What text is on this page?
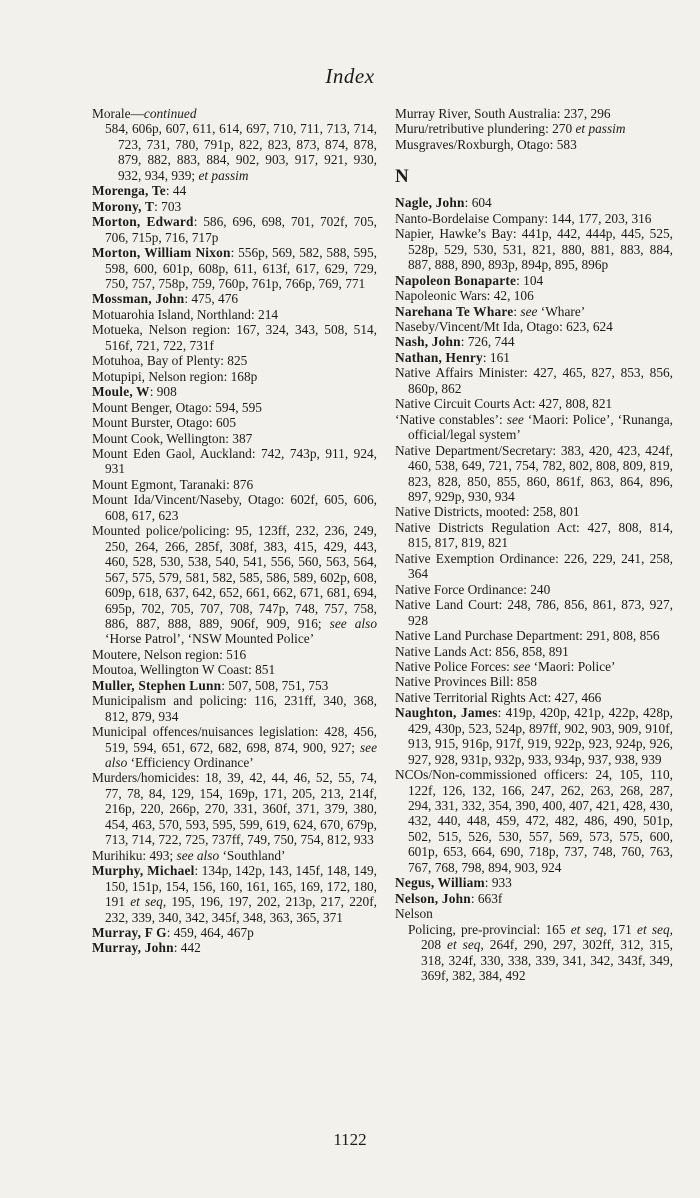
Index
Morale—continued
584, 606p, 607, 611, 614, 697, 710, 711, 713, 714, 723, 731, 780, 791p, 822, 823, 873, 874, 878, 879, 882, 883, 884, 902, 903, 917, 921, 930, 932, 934, 939; et passim
Morenga, Te: 44
Morony, T: 703
Morton, Edward: 586, 696, 698, 701, 702f, 705, 706, 715p, 716, 717p
Morton, William Nixon: 556p, 569, 582, 588, 595, 598, 600, 601p, 608p, 611, 613f, 617, 629, 729, 750, 757, 758p, 759, 760p, 761p, 766p, 769, 771
Mossman, John: 475, 476
Motuarohia Island, Northland: 214
Motueka, Nelson region: 167, 324, 343, 508, 514, 516f, 721, 722, 731f
Motuhoa, Bay of Plenty: 825
Motupipi, Nelson region: 168p
Moule, W: 908
Mount Benger, Otago: 594, 595
Mount Burster, Otago: 605
Mount Cook, Wellington: 387
Mount Eden Gaol, Auckland: 742, 743p, 911, 924, 931
Mount Egmont, Taranaki: 876
Mount Ida/Vincent/Naseby, Otago: 602f, 605, 606, 608, 617, 623
Mounted police/policing: 95, 123ff, 232, 236, 249, 250, 264, 266, 285f, 308f, 383, 415, 429, 443, 460, 528, 530, 538, 540, 541, 556, 560, 563, 564, 567, 575, 579, 581, 582, 585, 586, 589, 602p, 608, 609p, 618, 637, 642, 652, 661, 662, 671, 681, 694, 695p, 702, 705, 707, 708, 747p, 748, 757, 758, 886, 887, 888, 889, 906f, 909, 916; see also ‘Horse Patrol’, ‘NSW Mounted Police’
Moutere, Nelson region: 516
Moutoa, Wellington W Coast: 851
Muller, Stephen Lunn: 507, 508, 751, 753
Municipalism and policing: 116, 231ff, 340, 368, 812, 879, 934
Municipal offences/nuisances legislation: 428, 456, 519, 594, 651, 672, 682, 698, 874, 900, 927; see also ‘Efficiency Ordinance’
Murders/homicides: 18, 39, 42, 44, 46, 52, 55, 74, 77, 78, 84, 129, 154, 169p, 171, 205, 213, 214f, 216p, 220, 266p, 270, 331, 360f, 371, 379, 380, 454, 463, 570, 593, 595, 599, 619, 624, 670, 679p, 713, 714, 722, 725, 737ff, 749, 750, 754, 812, 933
Murihiku: 493; see also ‘Southland’
Murphy, Michael: 134p, 142p, 143, 145f, 148, 149, 150, 151p, 154, 156, 160, 161, 165, 169, 172, 180, 191 et seq, 195, 196, 197, 202, 213p, 217, 220f, 232, 339, 340, 342, 345f, 348, 363, 365, 371
Murray, F G: 459, 464, 467p
Murray, John: 442
Murray River, South Australia: 237, 296
Muru/retributive plundering: 270 et passim
Musgraves/Roxburgh, Otago: 583
N
Nagle, John: 604
Nanto-Bordelaise Company: 144, 177, 203, 316
Napier, Hawke’s Bay: 441p, 442, 444p, 445, 525, 528p, 529, 530, 531, 821, 880, 881, 883, 884, 887, 888, 890, 893p, 894p, 895, 896p
Napoleon Bonaparte: 104
Napoleonic Wars: 42, 106
Narehana Te Whare: see ‘Whare’
Naseby/Vincent/Mt Ida, Otago: 623, 624
Nash, John: 726, 744
Nathan, Henry: 161
Native Affairs Minister: 427, 465, 827, 853, 856, 860p, 862
Native Circuit Courts Act: 427, 808, 821
‘Native constables’: see ‘Maori: Police’, ‘Runanga, official/legal system’
Native Department/Secretary: 383, 420, 423, 424f, 460, 538, 649, 721, 754, 782, 802, 808, 809, 819, 823, 828, 850, 855, 860, 861f, 863, 864, 896, 897, 929p, 930, 934
Native Districts, mooted: 258, 801
Native Districts Regulation Act: 427, 808, 814, 815, 817, 819, 821
Native Exemption Ordinance: 226, 229, 241, 258, 364
Native Force Ordinance: 240
Native Land Court: 248, 786, 856, 861, 873, 927, 928
Native Land Purchase Department: 291, 808, 856
Native Lands Act: 856, 858, 891
Native Police Forces: see ‘Maori: Police’
Native Provinces Bill: 858
Native Territorial Rights Act: 427, 466
Naughton, James: 419p, 420p, 421p, 422p, 428p, 429, 430p, 523, 524p, 897ff, 902, 903, 909, 910f, 913, 915, 916p, 917f, 919, 922p, 923, 924p, 926, 927, 928, 931p, 932p, 933, 934p, 937, 938, 939
NCOs/Non-commissioned officers: 24, 105, 110, 122f, 126, 132, 166, 247, 262, 263, 268, 287, 294, 331, 332, 354, 390, 400, 407, 421, 428, 430, 432, 440, 448, 459, 472, 482, 486, 490, 501p, 502, 515, 526, 530, 557, 569, 573, 575, 600, 601p, 653, 664, 690, 718p, 737, 748, 760, 763, 767, 768, 798, 894, 903, 924
Negus, William: 933
Nelson, John: 663f
Nelson
Policing, pre-provincial: 165 et seq, 171 et seq, 208 et seq, 264f, 290, 297, 302ff, 312, 315, 318, 324f, 330, 338, 339, 341, 342, 343f, 349, 369f, 382, 384, 492
1122
